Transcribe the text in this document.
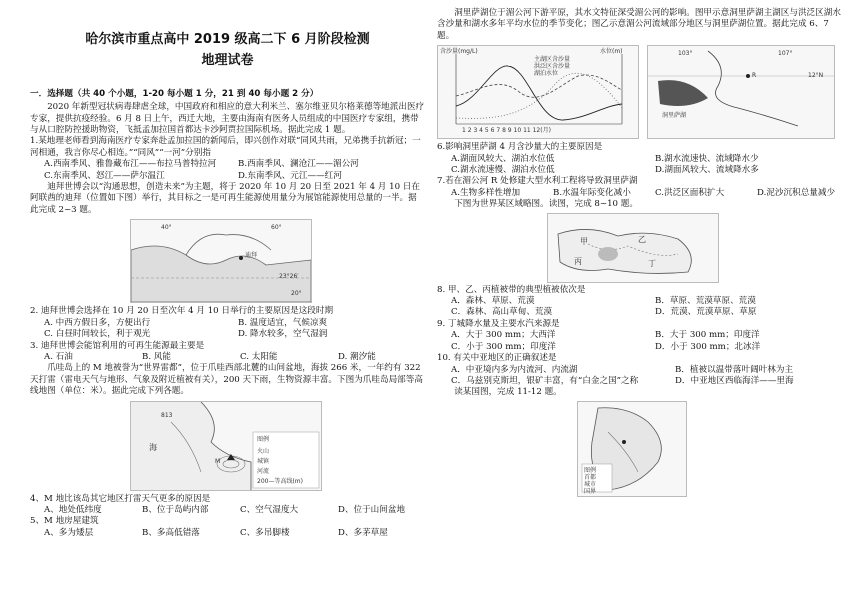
哈尔滨市重点高中 2019 级高二下 6 月阶段检测
地理试卷
一．选择题（共 40 个小题，1-20 每小题 1 分，21 到 40 每小题 2 分）

2020 年新型冠状病毒肆虐全球，中国政府和相应的意大利米兰、塞尔维亚贝尔格莱德等地派出医疗专家，提供抗疫经验。6 月 8 日上午，西迁大地，主要由海南有医务人员组成的中国医疗专家组，携带与从口腔防控援助物资，飞抵孟加拉国首都达卡沙阿贾拉国际机场。据此完成 1 题。

1.某地理老师看到海南医疗专家奔赴孟加拉国的新闻后，即兴创作对联“同风共雨，兄弟携手抗新冠；一河相通，我言你尽心相连。”“同风”“一河”分别指

A.西南季风、雅鲁藏布江——布拉马普特拉河	B.西南季风、澜沧江——湄公河
C.东南季风、怒江——萨尔温江	D.东南季风、元江——红河

迪拜世博会以“沟通思想，创造未来”为主题，将于 2020 年 10 月 20 日至 2021 年 4 月 10 日在阿联酋的迪拜（位置如下图）举行，其目标之一是可再生能源使用量分为展馆能源使用总量的一半。据此完成 2~3 题。

40°	60°
23°26′
20°
迪拜

2. 迪拜世博会选择在 10 月 20 日至次年 4 月 10 日举行的主要原因是这段时期

A. 中西方假日多，方便出行	B. 温度适宜，气候凉爽
C. 白昼时间较长，利于观光	D. 降水较多，空气湿润

3. 迪拜世博会能馆利用的可再生能源最主要是

A. 石油	B. 风能	C. 太阳能	D. 潮汐能

爪哇岛上的 M 地被誉为“世界雷都”，位于爪哇西部北麓的山间盆地，海拔 266 米，一年约有 322 天打雷（雷电天气与地形、气象及附近植被有关），200 天下雨，生物资源丰富。下图为爪哇岛局部等高线地图（单位：米）。据此完成下列各题。

海
M
813
图例
火山
城镇
河流
200—等高线(m)

4、M 地比该岛其它地区打雷天气更多的原因是

A、地处低纬度	B、位于岛屿内部	C、空气湿度大	D、位于山间盆地

5、M 地房屋建筑

A、多为矮层	B、多高低错落	C、多吊脚楼	D、多茅草屋

洞里萨湖位于湄公河下游平原，其水文特征深受湄公河的影响。图甲示意洞里萨湖主湖区与洪泛区湖水含沙量和湖水多年平均水位的季节变化；图乙示意湄公河流域部分地区与洞里萨湖位置。据此完成 6、7 题。

含沙量(mg/L)	水位(m)
主湖区含沙量
洪泛区含沙量
湖泊水位
1 2 3 4 5 6 7 8 9 10 11 12(月)
103°	107°
12°N
R
洞里萨湖

6.影响洞里萨湖 4 月含沙量大的主要原因是

A.湖面风较大、湖泊水位低	B.湖水流速快、流域降水少
C.湖水流速慢、湖泊水位低	D.湖面风较大、流域降水多

7.若在湄公河 R 处修建大型水利工程将导致洞里萨湖

A.生物多样性增加	B.水温年际变化减小	C.洪泛区面积扩大	D.泥沙沉积总量减少

下图为世界某区域略图。读图，完成 8~10 题。

甲	乙
丙	丁

8. 甲、乙、丙植被带的典型植被依次是

A．森林、草原、荒漠	B．草原、荒漠草原、荒漠
C．森林、高山草甸、荒漠	D．荒漠、荒漠草原、草原

9. 丁城降水量及主要水汽来源是

A．大于 300 mm；大西洋	B．大于 300 mm；印度洋
C．小于 300 mm；印度洋	D．小于 300 mm；北冰洋

10. 有关中亚地区的正确叙述是

A．中亚境内多为内流河、内流湖	B．植被以温带落叶阔叶林为主
C．乌兹别克斯坦，银矿丰富，有“白金之国”之称	D．中亚地区西临海洋——里海

读某国图，完成 11-12 题。

图例
首都
城市
国界
